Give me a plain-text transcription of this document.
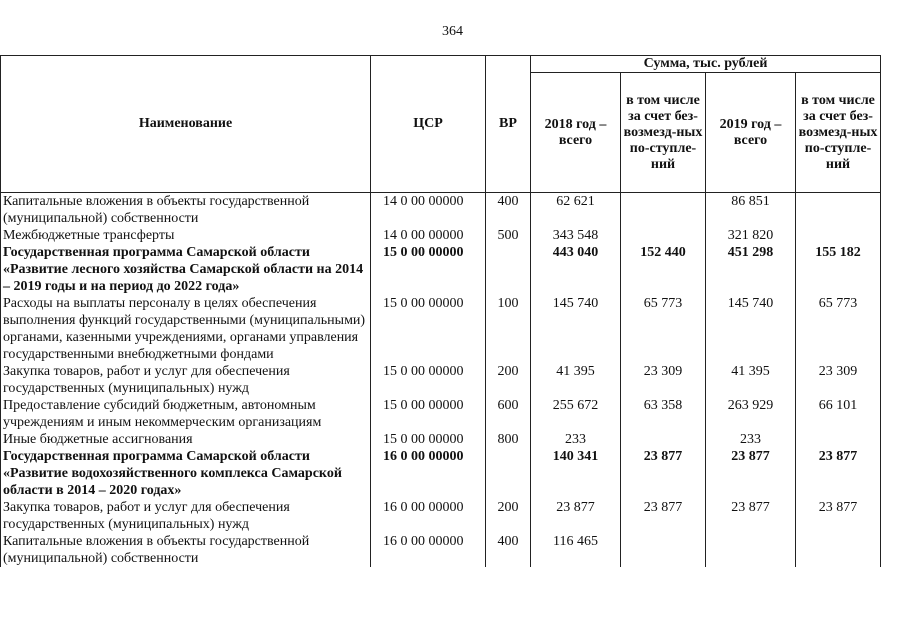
364
Наименование	ЦСР	ВР	Сумма, тыс. рублей			
			2018 год – всего	в том числе за счет без-возмезд-ных по-ступле-ний	2019 год – всего	в том числе за счет без-возмезд-ных по-ступле-ний
Капитальные вложения в объекты государственной (муниципальной) собственности	14 0 00 00000	400	62 621		86 851	
Межбюджетные трансферты	14 0 00 00000	500	343 548		321 820	
Государственная программа Самарской области «Развитие лесного хозяйства Самарской области на 2014 – 2019 годы и на период до 2022 года»	15 0 00 00000		443 040	152 440	451 298	155 182
Расходы на выплаты персоналу в целях обеспечения выполнения функций государственными (муниципальными) органами, казенными учреждениями, органами управления государственными внебюджетными фондами	15 0 00 00000	100	145 740	65 773	145 740	65 773
Закупка товаров, работ и услуг для обеспечения государственных (муниципальных) нужд	15 0 00 00000	200	41 395	23 309	41 395	23 309
Предоставление субсидий бюджетным, автономным учреждениям и иным некоммерческим организациям	15 0 00 00000	600	255 672	63 358	263 929	66 101
Иные бюджетные ассигнования	15 0 00 00000	800	233		233	
Государственная программа Самарской области «Развитие водохозяйственного комплекса Самарской области в 2014 – 2020 годах»	16 0 00 00000		140 341	23 877	23 877	23 877
Закупка товаров, работ и услуг для обеспечения государственных (муниципальных) нужд	16 0 00 00000	200	23 877	23 877	23 877	23 877
Капитальные вложения в объекты государственной (муниципальной) собственности	16 0 00 00000	400	116 465			
